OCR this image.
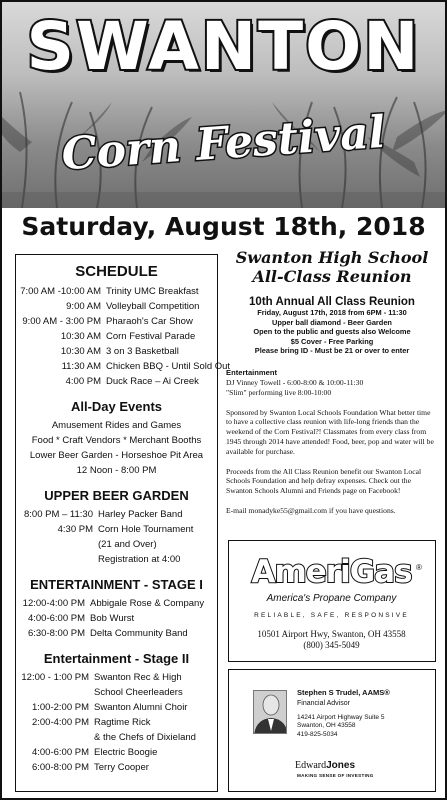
SWANTON
Corn Festival
Saturday, August 18th, 2018
SCHEDULE
7:00 AM -10:00 AM Trinity UMC Breakfast
9:00 AM Volleyball Competition
9:00 AM - 3:00 PM Pharaoh's Car Show
10:30 AM Corn Festival Parade
10:30 AM 3 on 3 Basketball
11:30 AM Chicken BBQ - Until Sold Out
4:00 PM Duck Race – Ai Creek
All-Day Events
Amusement Rides and Games
Food * Craft Vendors * Merchant Booths
Lower Beer Garden - Horseshoe Pit Area
12 Noon - 8:00 PM
UPPER BEER GARDEN
8:00 PM – 11:30 Harley Packer Band
4:30 PM Corn Hole Tournament
(21 and Over)
Registration at 4:00
ENTERTAINMENT - STAGE I
12:00-4:00 PM Abbigale Rose & Company
4:00-6:00 PM Bob Wurst
6:30-8:00 PM Delta Community Band
Entertainment - Stage II
12:00 - 1:00 PM Swanton Rec & High
School Cheerleaders
1:00-2:00 PM Swanton Alumni Choir
2:00-4:00 PM Ragtime Rick
& the Chefs of Dixieland
4:00-6:00 PM Electric Boogie
6:00-8:00 PM Terry Cooper
Swanton High School
All-Class Reunion
10th Annual All Class Reunion
Friday, August 17th, 2018 from 6PM - 11:30
Upper ball diamond - Beer Garden
Open to the public and guests also Welcome
$5 Cover - Free Parking
Please bring ID - Must be 21 or over to enter
Entertainment
DJ Vinney Towell - 6:00-8:00 & 10:00-11:30
"Slim" performing live 8:00-10:00
Sponsored by Swanton Local Schools Foundation What better time to have a collective class reunion with life-long friends than the weekend of the Corn Festival?! Classmates from every class from 1945 through 2014 have attended! Food, beer, pop and water will be available for purchase.
Proceeds from the All Class Reunion benefit our Swanton Local Schools Foundation and help defray expenses. Check out the Swanton Schools Alumni and Friends page on Facebook!
E-mail monadyke55@gmail.com if you have questions.
AmeriGas ®
America's Propane Company
RELIABLE, SAFE, RESPONSIVE
10501 Airport Hwy, Swanton, OH 43558
(800) 345-5049
Stephen S Trudel, AAMS®
Financial Advisor
14241 Airport Highway Suite 5
Swanton, OH 43558
419-825-5034
EdwardJones
MAKING SENSE OF INVESTING
